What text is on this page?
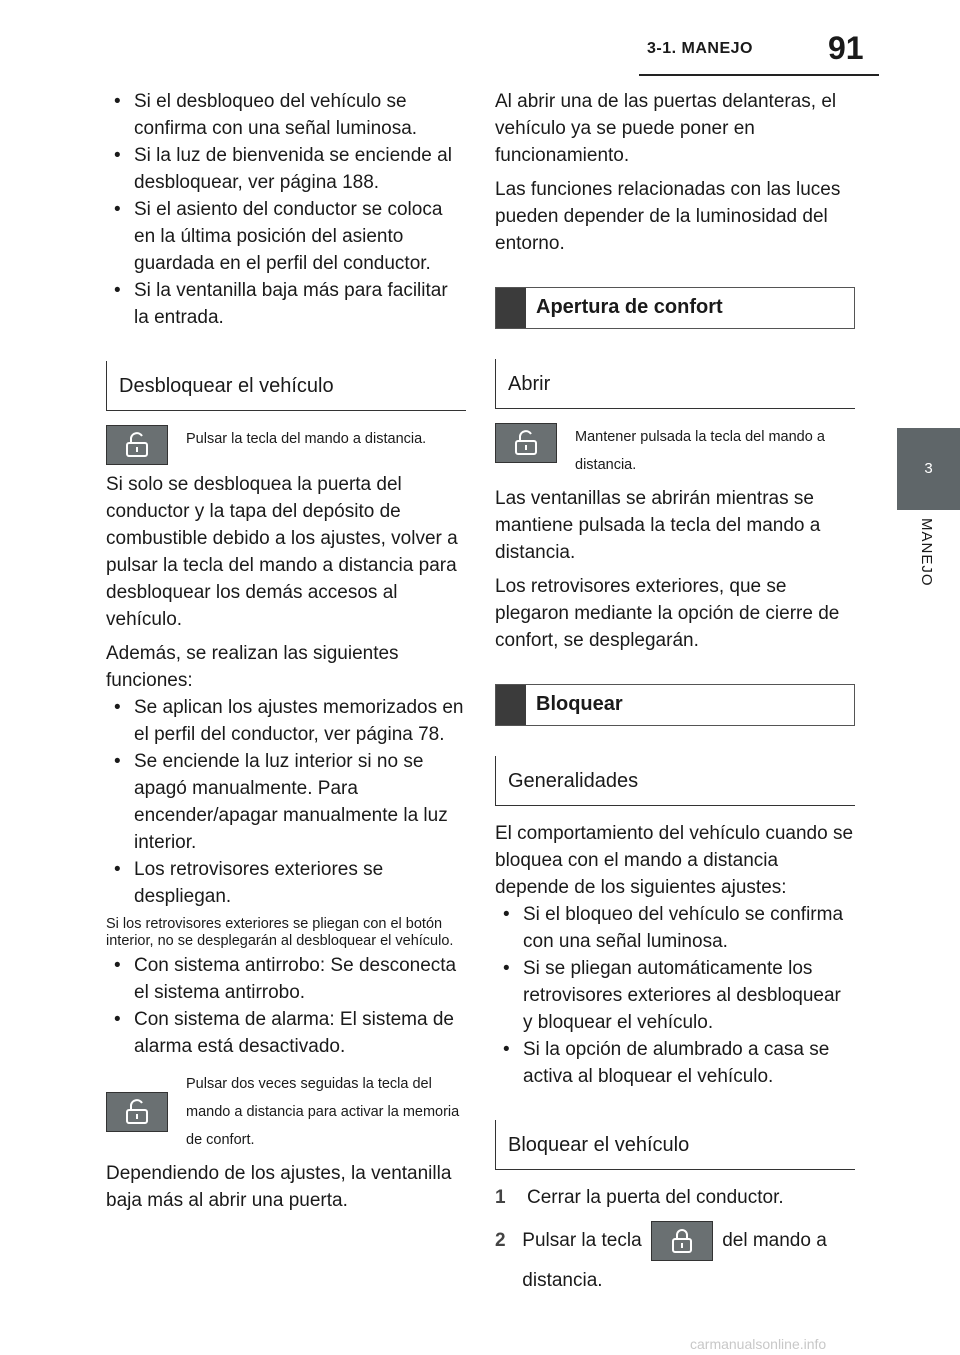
3-1. MANEJO 91
3
MANEJO

• Si el desbloqueo del vehículo se confirma con una señal luminosa.

• Si la luz de bienvenida se enciende al desbloquear, ver página 188.

• Si el asiento del conductor se coloca en la última posición del asiento guardada en el perfil del conductor.

• Si la ventanilla baja más para facilitar la entrada.

Desbloquear el vehículo
Pulsar la tecla del mando a distancia.

Si solo se desbloquea la puerta del conductor y la tapa del depósito de combustible debido a los ajustes, volver a pulsar la tecla del mando a distancia para desbloquear los demás accesos al vehículo.

Además, se realizan las siguientes funciones:

• Se aplican los ajustes memorizados en el perfil del conductor, ver página 78.

• Se enciende la luz interior si no se apagó manualmente. Para encender/apagar manualmente la luz interior.

• Los retrovisores exteriores se despliegan.

Si los retrovisores exteriores se pliegan con el botón interior, no se desplegarán al desbloquear el vehículo.

• Con sistema antirrobo: Se desconecta el sistema antirrobo.

• Con sistema de alarma: El sistema de alarma está desactivado.

Pulsar dos veces seguidas la tecla del mando a distancia para activar la memoria de confort.

Dependiendo de los ajustes, la ventanilla baja más al abrir una puerta.

Al abrir una de las puertas delanteras, el vehículo ya se puede poner en funcionamiento.

Las funciones relacionadas con las luces pueden depender de la luminosidad del entorno.

Apertura de confort
Abrir
Mantener pulsada la tecla del mando a distancia.

Las ventanillas se abrirán mientras se mantiene pulsada la tecla del mando a distancia.

Los retrovisores exteriores, que se plegaron mediante la opción de cierre de confort, se desplegarán.

Bloquear
Generalidades

El comportamiento del vehículo cuando se bloquea con el mando a distancia depende de los siguientes ajustes:

• Si el bloqueo del vehículo se confirma con una señal luminosa.

• Si se pliegan automáticamente los retrovisores exteriores al desbloquear y bloquear el vehículo.

• Si la opción de alumbrado a casa se activa al bloquear el vehículo.

Bloquear el vehículo
1	Cerrar la puerta del conductor.
2 Pulsar la tecla	del mando a distancia.
carmanualsonline.info
